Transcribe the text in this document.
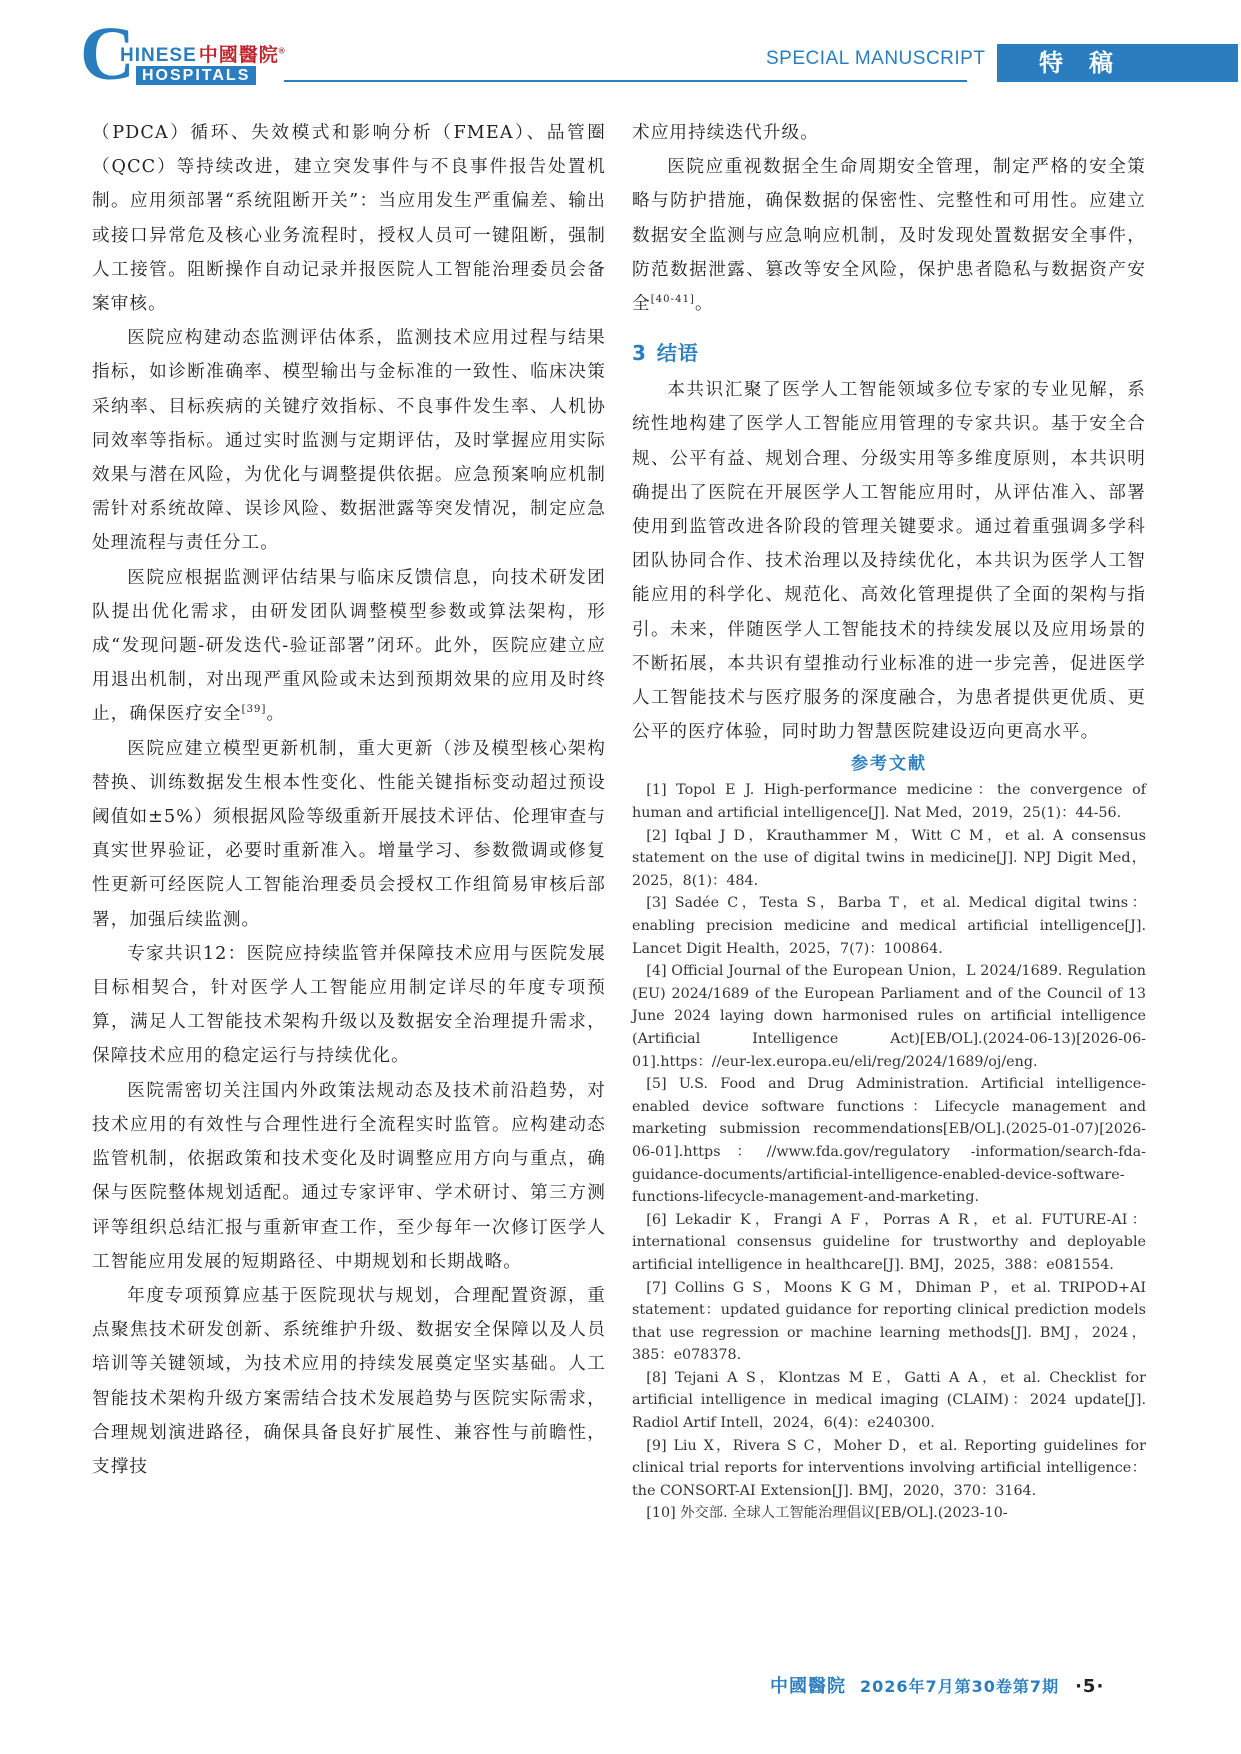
C
HINESE 中國醫院®
HOSPITALS
SPECIAL MANUSCRIPT	特稿

（PDCA）循环、失效模式和影响分析（FMEA）、品管圈（QCC）等持续改进，建立突发事件与不良事件报告处置机制。应用须部署“系统阻断开关”：当应用发生严重偏差、输出或接口异常危及核心业务流程时，授权人员可一键阻断，强制人工接管。阻断操作自动记录并报医院人工智能治理委员会备案审核。

医院应构建动态监测评估体系，监测技术应用过程与结果指标，如诊断准确率、模型输出与金标准的一致性、临床决策采纳率、目标疾病的关键疗效指标、不良事件发生率、人机协同效率等指标。通过实时监测与定期评估，及时掌握应用实际效果与潜在风险，为优化与调整提供依据。应急预案响应机制需针对系统故障、误诊风险、数据泄露等突发情况，制定应急处理流程与责任分工。

医院应根据监测评估结果与临床反馈信息，向技术研发团队提出优化需求，由研发团队调整模型参数或算法架构，形成“发现问题-研发迭代-验证部署”闭环。此外，医院应建立应用退出机制，对出现严重风险或未达到预期效果的应用及时终止，确保医疗安全[39]。

医院应建立模型更新机制，重大更新（涉及模型核心架构替换、训练数据发生根本性变化、性能关键指标变动超过预设阈值如±5%）须根据风险等级重新开展技术评估、伦理审查与真实世界验证，必要时重新准入。增量学习、参数微调或修复性更新可经医院人工智能治理委员会授权工作组简易审核后部署，加强后续监测。

专家共识12：医院应持续监管并保障技术应用与医院发展目标相契合，针对医学人工智能应用制定详尽的年度专项预算，满足人工智能技术架构升级以及数据安全治理提升需求，保障技术应用的稳定运行与持续优化。

医院需密切关注国内外政策法规动态及技术前沿趋势，对技术应用的有效性与合理性进行全流程实时监管。应构建动态监管机制，依据政策和技术变化及时调整应用方向与重点，确保与医院整体规划适配。通过专家评审、学术研讨、第三方测评等组织总结汇报与重新审查工作，至少每年一次修订医学人工智能应用发展的短期路径、中期规划和长期战略。

年度专项预算应基于医院现状与规划，合理配置资源，重点聚焦技术研发创新、系统维护升级、数据安全保障以及人员培训等关键领域，为技术应用的持续发展奠定坚实基础。人工智能技术架构升级方案需结合技术发展趋势与医院实际需求，合理规划演进路径，确保具备良好扩展性、兼容性与前瞻性，支撑技

术应用持续迭代升级。

医院应重视数据全生命周期安全管理，制定严格的安全策略与防护措施，确保数据的保密性、完整性和可用性。应建立数据安全监测与应急响应机制，及时发现处置数据安全事件，防范数据泄露、篡改等安全风险，保护患者隐私与数据资产安全[40-41]。

3 结语

本共识汇聚了医学人工智能领域多位专家的专业见解，系统性地构建了医学人工智能应用管理的专家共识。基于安全合规、公平有益、规划合理、分级实用等多维度原则，本共识明确提出了医院在开展医学人工智能应用时，从评估准入、部署使用到监管改进各阶段的管理关键要求。通过着重强调多学科团队协同合作、技术治理以及持续优化，本共识为医学人工智能应用的科学化、规范化、高效化管理提供了全面的架构与指引。未来，伴随医学人工智能技术的持续发展以及应用场景的不断拓展，本共识有望推动行业标准的进一步完善，促进医学人工智能技术与医疗服务的深度融合，为患者提供更优质、更公平的医疗体验，同时助力智慧医院建设迈向更高水平。

参考文献

[1] Topol E J. High-performance medicine：the convergence of human and artificial intelligence[J]. Nat Med，2019，25(1)：44-56.

[2] Iqbal J D，Krauthammer M，Witt C M，et al. A consensus statement on the use of digital twins in medicine[J]. NPJ Digit Med，2025，8(1)：484.

[3] Sadée C，Testa S，Barba T，et al. Medical digital twins：enabling precision medicine and medical artificial intelligence[J]. Lancet Digit Health，2025，7(7)：100864.

[4] Official Journal of the European Union，L 2024/1689. Regulation (EU) 2024/1689 of the European Parliament and of the Council of 13 June 2024 laying down harmonised rules on artificial intelligence (Artificial Intelligence Act)[EB/OL].(2024-06-13)[2026-06-01].https：//eur-lex.europa.eu/eli/reg/2024/1689/oj/eng.

[5] U.S. Food and Drug Administration. Artificial intelligence-enabled device software functions：Lifecycle management and marketing submission recommendations[EB/OL].(2025-01-07)[2026-06-01].https：//www.fda.gov/regulatory -information/search-fda-guidance-documents/artificial-intelligence-enabled-device-software-functions-lifecycle-management-and-marketing.

[6] Lekadir K，Frangi A F，Porras A R，et al. FUTURE-AI：international consensus guideline for trustworthy and deployable artificial intelligence in healthcare[J]. BMJ，2025，388：e081554.

[7] Collins G S，Moons K G M，Dhiman P，et al. TRIPOD+AI statement：updated guidance for reporting clinical prediction models that use regression or machine learning methods[J]. BMJ，2024，385：e078378.

[8] Tejani A S，Klontzas M E，Gatti A A，et al. Checklist for artificial intelligence in medical imaging (CLAIM)：2024 update[J]. Radiol Artif Intell，2024，6(4)：e240300.

[9] Liu X，Rivera S C，Moher D，et al. Reporting guidelines for clinical trial reports for interventions involving artificial intelligence：the CONSORT-AI Extension[J]. BMJ，2020，370：3164.

[10] 外交部. 全球人工智能治理倡议[EB/OL].(2023-10-

中國醫院 2026年7月第30卷第7期 ·5·
